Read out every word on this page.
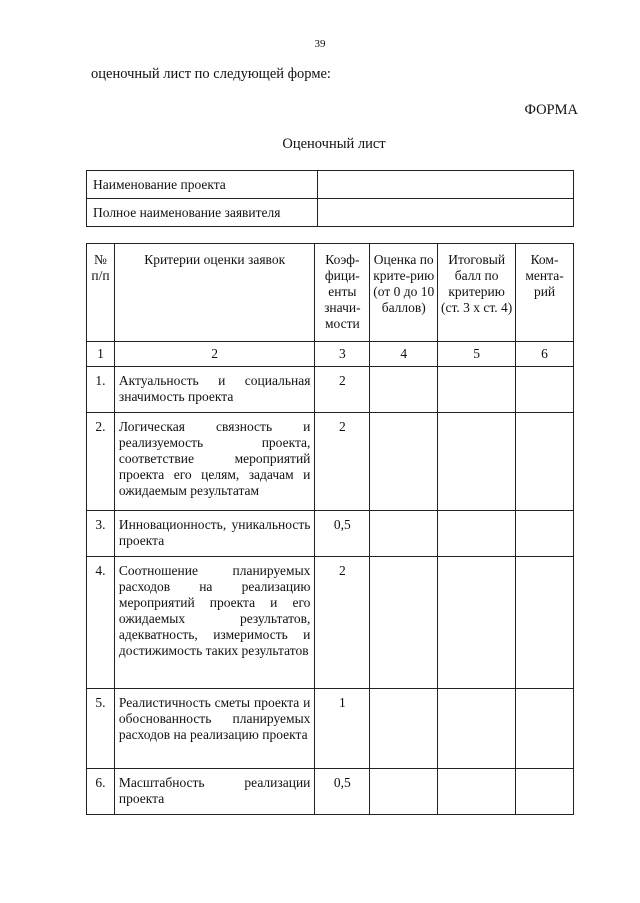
39
оценочный лист по следующей форме:
ФОРМА
Оценочный лист
Наименование проекта	
Полное наименование заявителя	
№ п/п	Критерии оценки заявок	Коэф-фици-енты значи-мости	Оценка по крите-рию (от 0 до 10 баллов)	Итоговый балл по критерию (ст. 3 х ст. 4)	Ком-мента-рий
1	2	3	4	5	6
1.	Актуальность и социальная значимость проекта	2			
2.	Логическая связность и реализуемость проекта, соответствие мероприятий проекта его целям, задачам и ожидаемым результатам	2			
3.	Инновационность, уникальность проекта	0,5			
4.	Соотношение планируемых расходов на реализацию мероприятий проекта и его ожидаемых результатов, адекватность, измеримость и достижимость таких результатов	2			
5.	Реалистичность сметы проекта и обоснованность планируемых расходов на реализацию проекта	1			
6.	Масштабность реализации проекта	0,5			
